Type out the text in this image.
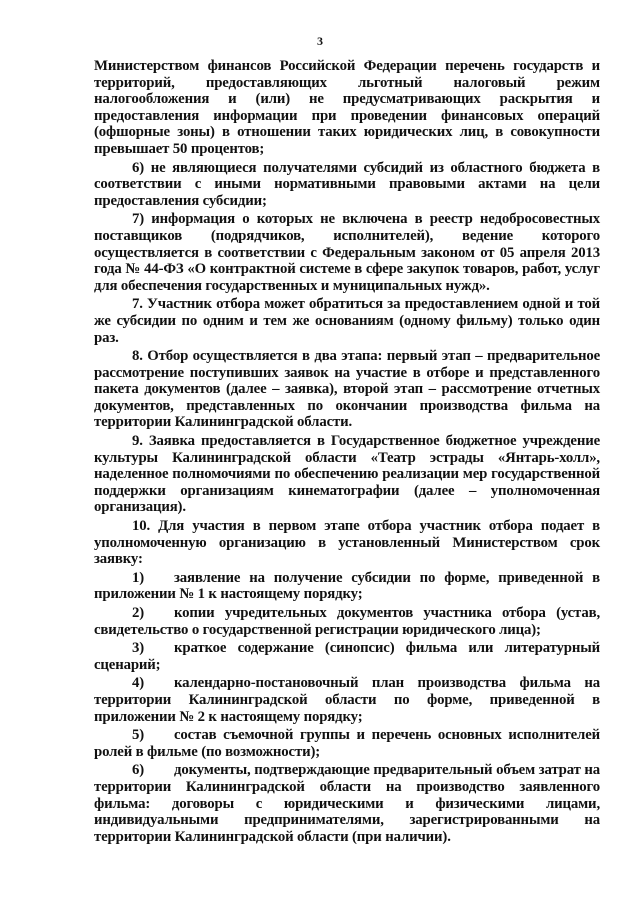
3

Министерством финансов Российской Федерации перечень государств и территорий, предоставляющих льготный налоговый режим налогообложения и (или) не предусматривающих раскрытия и предоставления информации при проведении финансовых операций (офшорные зоны) в отношении таких юридических лиц, в совокупности превышает 50 процентов;

6) не являющиеся получателями субсидий из областного бюджета в соответствии с иными нормативными правовыми актами на цели предоставления субсидии;

7) информация о которых не включена в реестр недобросовестных поставщиков (подрядчиков, исполнителей), ведение которого осуществляется в соответствии с Федеральным законом от 05 апреля 2013 года № 44-ФЗ «О контрактной системе в сфере закупок товаров, работ, услуг для обеспечения государственных и муниципальных нужд».

7. Участник отбора может обратиться за предоставлением одной и той же субсидии по одним и тем же основаниям (одному фильму) только один раз.

8. Отбор осуществляется в два этапа: первый этап – предварительное рассмотрение поступивших заявок на участие в отборе и представленного пакета документов (далее – заявка), второй этап – рассмотрение отчетных документов, представленных по окончании производства фильма на территории Калининградской области.

9. Заявка предоставляется в Государственное бюджетное учреждение культуры Калининградской области «Театр эстрады «Янтарь-холл», наделенное полномочиями по обеспечению реализации мер государственной поддержки организациям кинематографии (далее – уполномоченная организация).

10. Для участия в первом этапе отбора участник отбора подает в уполномоченную организацию в установленный Министерством срок заявку:

1) заявление на получение субсидии по форме, приведенной в приложении № 1 к настоящему порядку;

2) копии учредительных документов участника отбора (устав, свидетельство о государственной регистрации юридического лица);

3) краткое содержание (синопсис) фильма или литературный сценарий;

4) календарно-постановочный план производства фильма на территории Калининградской области по форме, приведенной в приложении № 2 к настоящему порядку;

5) состав съемочной группы и перечень основных исполнителей ролей в фильме (по возможности);

6) документы, подтверждающие предварительный объем затрат на территории Калининградской области на производство заявленного фильма: договоры с юридическими и физическими лицами, индивидуальными предпринимателями, зарегистрированными на территории Калининградской области (при наличии).
